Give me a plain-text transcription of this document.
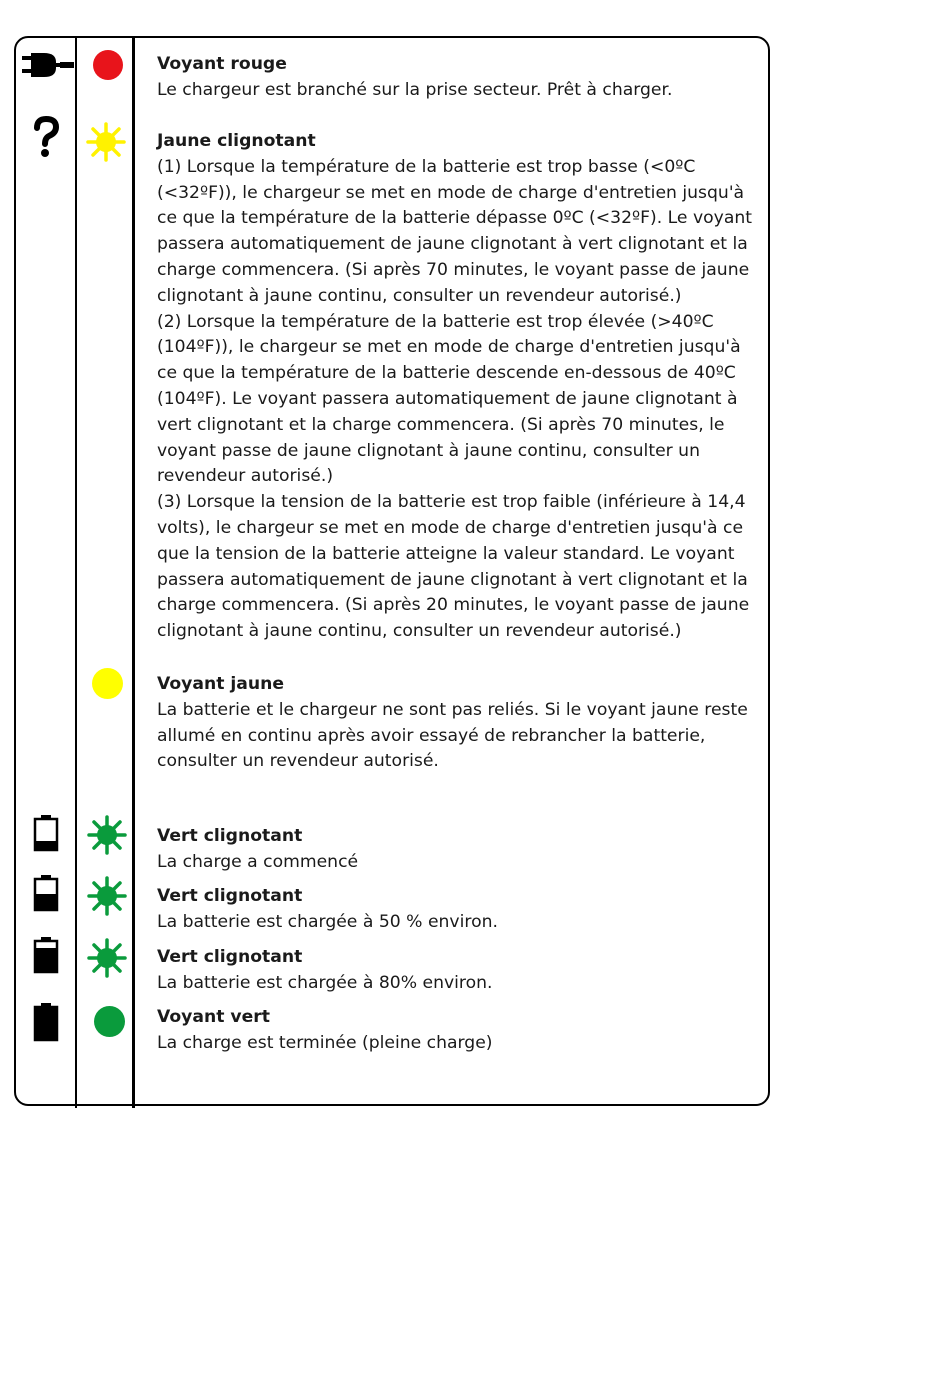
Voyant rouge
Le chargeur est branché sur la prise secteur. Prêt à charger.

Jaune clignotant
(1) Lorsque la température de la batterie est trop basse (<0ºC
(<32ºF)), le chargeur se met en mode de charge d'entretien jusqu'à
ce que la température de la batterie dépasse 0ºC (<32ºF). Le voyant
passera automatiquement de jaune clignotant à vert clignotant et la
charge commencera. (Si après 70 minutes, le voyant passe de jaune
clignotant à jaune continu, consulter un revendeur autorisé.)
(2) Lorsque la température de la batterie est trop élevée (>40ºC
(104ºF)), le chargeur se met en mode de charge d'entretien jusqu'à
ce que la température de la batterie descende en-dessous de 40ºC
(104ºF). Le voyant passera automatiquement de jaune clignotant à
vert clignotant et la charge commencera. (Si après 70 minutes, le
voyant passe de jaune clignotant à jaune continu, consulter un
revendeur autorisé.)
(3) Lorsque la tension de la batterie est trop faible (inférieure à 14,4
volts), le chargeur se met en mode de charge d'entretien jusqu'à ce
que la tension de la batterie atteigne la valeur standard. Le voyant
passera automatiquement de jaune clignotant à vert clignotant et la
charge commencera. (Si après 20 minutes, le voyant passe de jaune
clignotant à jaune continu, consulter un revendeur autorisé.)

Voyant jaune
La batterie et le chargeur ne sont pas reliés. Si le voyant jaune reste
allumé en continu après avoir essayé de rebrancher la batterie,
consulter un revendeur autorisé.

Vert clignotant
La charge a commencé

Vert clignotant
La batterie est chargée à 50 % environ.

Vert clignotant
La batterie est chargée à 80% environ.

Voyant vert
La charge est terminée (pleine charge)
